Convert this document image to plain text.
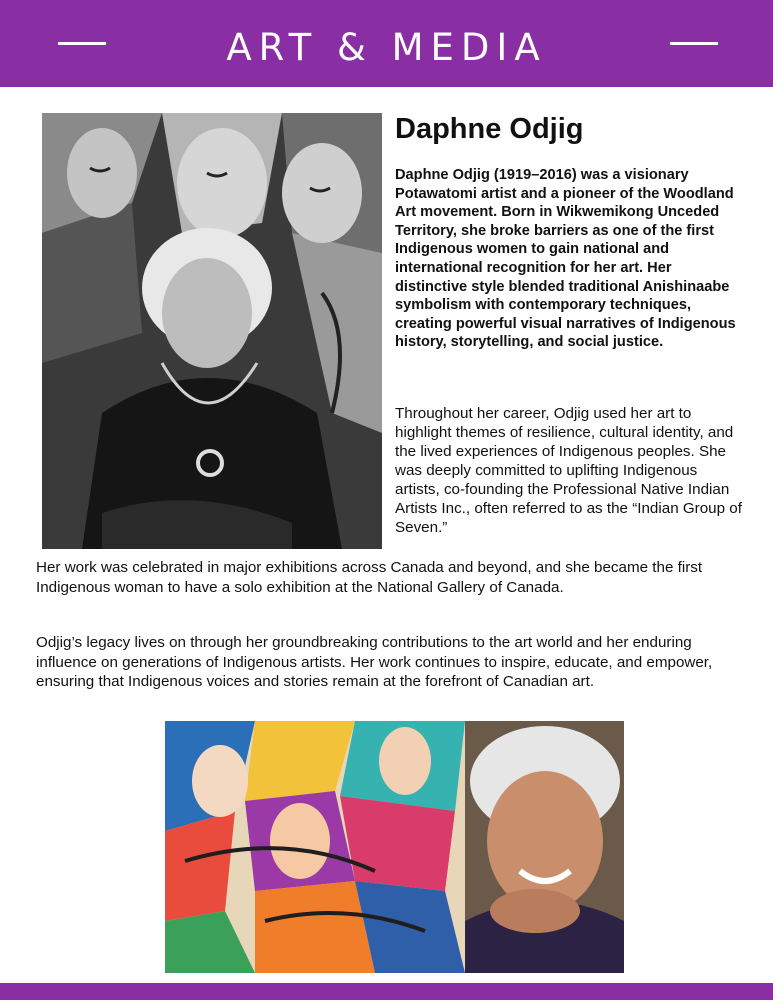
ART & MEDIA
Daphne Odjig

Daphne Odjig (1919–2016) was a visionary Potawatomi artist and a pioneer of the Woodland Art movement. Born in Wikwemikong Unceded Territory, she broke barriers as one of the first Indigenous women to gain national and international recognition for her art. Her distinctive style blended traditional Anishinaabe symbolism with contemporary techniques, creating powerful visual narratives of Indigenous history, storytelling, and social justice.

Throughout her career, Odjig used her art to highlight themes of resilience, cultural identity, and the lived experiences of Indigenous peoples. She was deeply committed to uplifting Indigenous artists, co-founding the Professional Native Indian Artists Inc., often referred to as the “Indian Group of Seven.”

Her work was celebrated in major exhibitions across Canada and beyond, and she became the first Indigenous woman to have a solo exhibition at the National Gallery of Canada.

Odjig’s legacy lives on through her groundbreaking contributions to the art world and her enduring influence on generations of Indigenous artists. Her work continues to inspire, educate, and empower, ensuring that Indigenous voices and stories remain at the forefront of Canadian art.
